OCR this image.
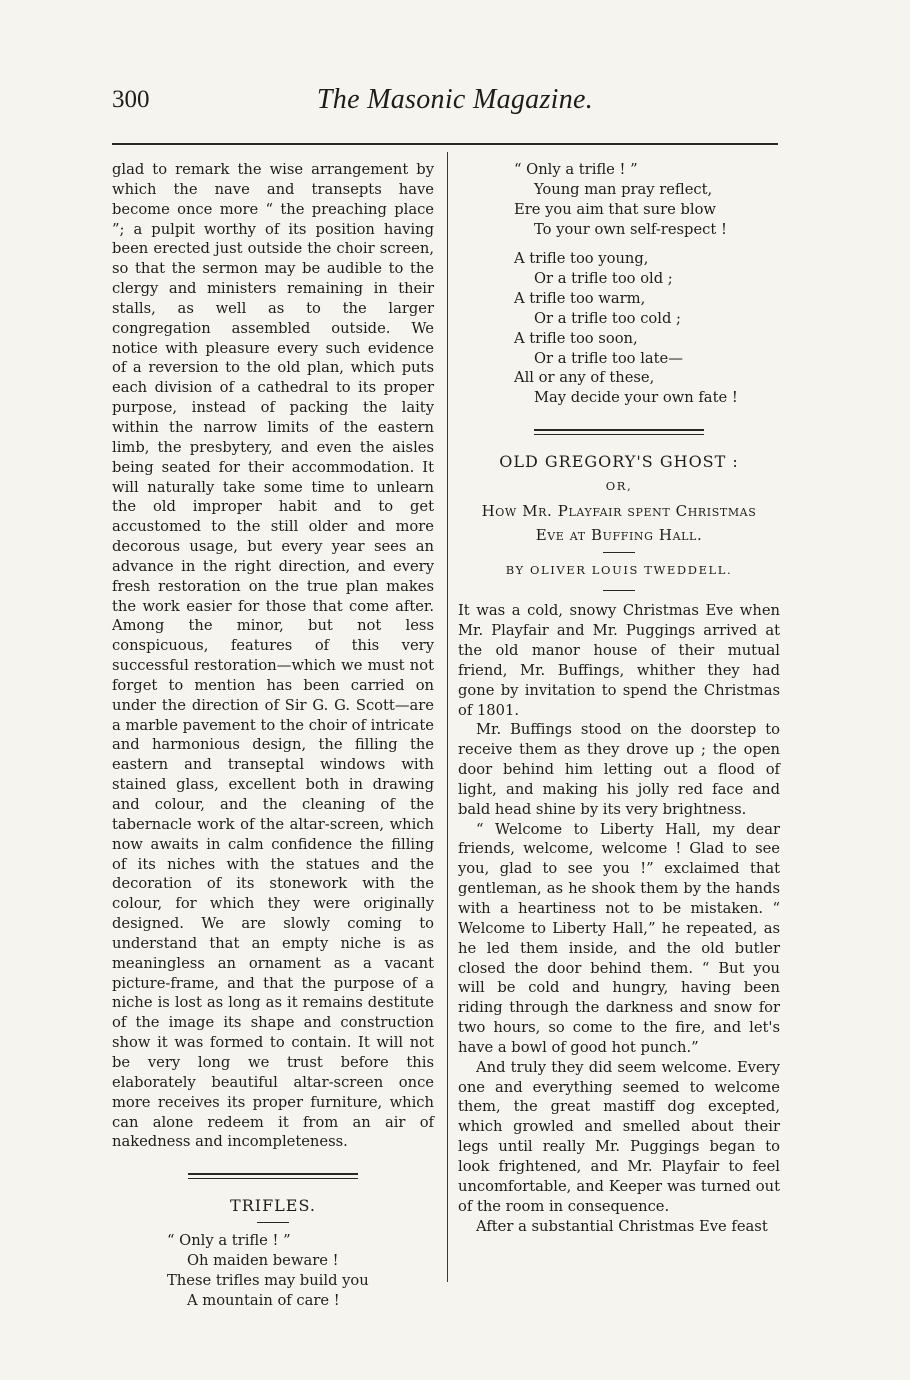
300	The Masonic Magazine.

glad to remark the wise arrangement by which the nave and transepts have become once more “ the preaching place ”; a pulpit worthy of its position having been erected just outside the choir screen, so that the sermon may be audible to the clergy and ministers remaining in their stalls, as well as to the larger congregation assembled outside. We notice with pleasure every such evidence of a reversion to the old plan, which puts each division of a cathedral to its proper purpose, instead of packing the laity within the narrow limits of the eastern limb, the presbytery, and even the aisles being seated for their accommodation. It will naturally take some time to unlearn the old improper habit and to get accustomed to the still older and more decorous usage, but every year sees an advance in the right direction, and every fresh restoration on the true plan makes the work easier for those that come after. Among the minor, but not less conspicuous, features of this very successful restoration—which we must not forget to mention has been carried on under the direction of Sir G. G. Scott—are a marble pavement to the choir of intricate and harmonious design, the filling the eastern and transeptal windows with stained glass, excellent both in drawing and colour, and the cleaning of the tabernacle work of the altar-screen, which now awaits in calm confidence the filling of its niches with the statues and the decoration of its stonework with the colour, for which they were originally designed. We are slowly coming to understand that an empty niche is as meaningless an ornament as a vacant picture-frame, and that the purpose of a niche is lost as long as it remains destitute of the image its shape and construction show it was formed to contain. It will not be very long we trust before this elaborately beautiful altar-screen once more receives its proper furniture, which can alone redeem it from an air of nakedness and incompleteness.

TRIFLES.
“ Only a trifle ! ”
Oh maiden beware !
These trifles may build you
A mountain of care !
“ Only a trifle ! ”
Young man pray reflect,
Ere you aim that sure blow
To your own self-respect !
A trifle too young,
Or a trifle too old ;
A trifle too warm,
Or a trifle too cold ;
A trifle too soon,
Or a trifle too late—
All or any of these,
May decide your own fate !
OLD GREGORY'S GHOST :
OR,
How Mr. Playfair spent Christmas
Eve at Buffing Hall.
BY OLIVER LOUIS TWEDDELL.

It was a cold, snowy Christmas Eve when Mr. Playfair and Mr. Puggings arrived at the old manor house of their mutual friend, Mr. Buffings, whither they had gone by invitation to spend the Christmas of 1801.

Mr. Buffings stood on the doorstep to receive them as they drove up ; the open door behind him letting out a flood of light, and making his jolly red face and bald head shine by its very brightness.

“ Welcome to Liberty Hall, my dear friends, welcome, welcome ! Glad to see you, glad to see you !” exclaimed that gentleman, as he shook them by the hands with a heartiness not to be mistaken. “ Welcome to Liberty Hall,” he repeated, as he led them inside, and the old butler closed the door behind them. “ But you will be cold and hungry, having been riding through the darkness and snow for two hours, so come to the fire, and let's have a bowl of good hot punch.”

And truly they did seem welcome. Every one and everything seemed to welcome them, the great mastiff dog excepted, which growled and smelled about their legs until really Mr. Puggings began to look frightened, and Mr. Playfair to feel uncomfortable, and Keeper was turned out of the room in consequence.

After a substantial Christmas Eve feast
